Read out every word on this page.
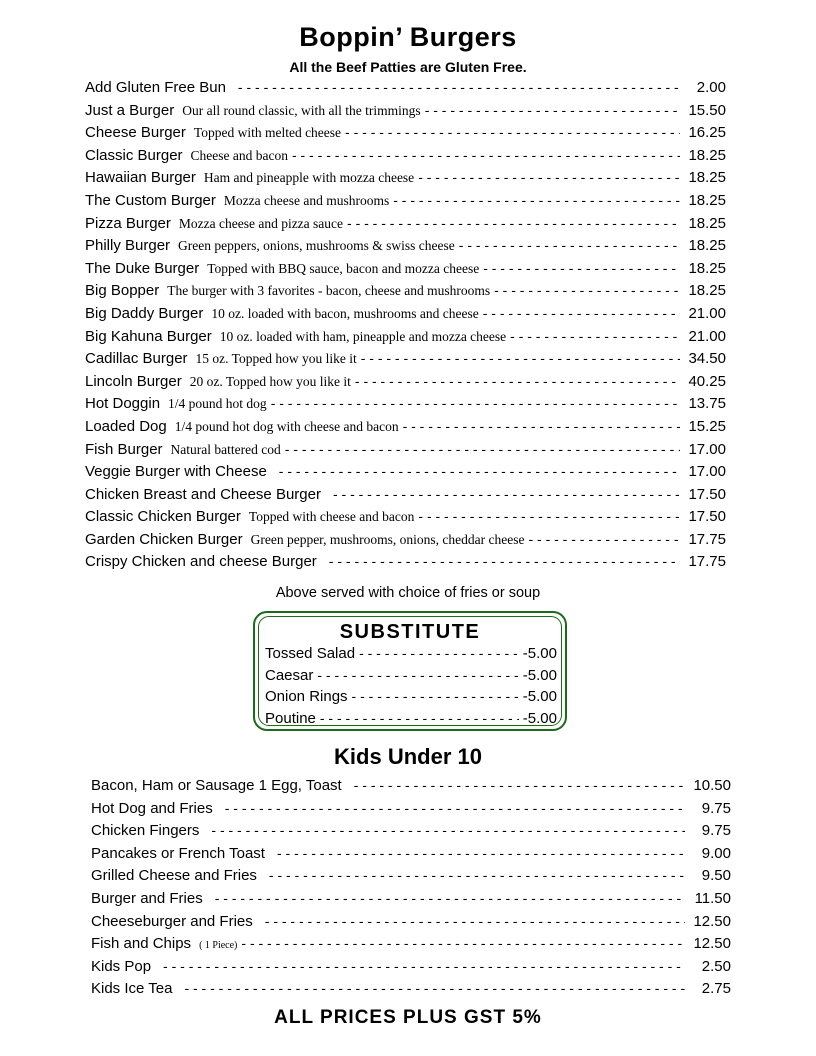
Boppin’ Burgers
All the Beef Patties are Gluten Free.
Add Gluten Free Bun - - -	2.00
Just a Burger Our all round classic, with all the trimmings - - -	15.50
Cheese Burger Topped with melted cheese - - -	16.25
Classic Burger Cheese and bacon - - -	18.25
Hawaiian Burger Ham and pineapple with mozza cheese - - -	18.25
The Custom Burger Mozza cheese and mushrooms - - -	18.25
Pizza Burger Mozza cheese and pizza sauce - - -	18.25
Philly Burger Green peppers, onions, mushrooms & swiss cheese - - -	18.25
The Duke Burger Topped with BBQ sauce, bacon and mozza cheese - - -	18.25
Big Bopper The burger with 3 favorites - bacon, cheese and mushrooms - - -	18.25
Big Daddy Burger 10 oz. loaded with bacon, mushrooms and cheese - - -	21.00
Big Kahuna Burger 10 oz. loaded with ham, pineapple and mozza cheese - - -	21.00
Cadillac Burger 15 oz. Topped how you like it - - -	34.50
Lincoln Burger 20 oz. Topped how you like it - - -	40.25
Hot Doggin 1/4 pound hot dog - - -	13.75
Loaded Dog 1/4 pound hot dog with cheese and bacon - - -	15.25
Fish Burger Natural battered cod - - -	17.00
Veggie Burger with Cheese - - -	17.00
Chicken Breast and Cheese Burger - - -	17.50
Classic Chicken Burger Topped with cheese and bacon - - -	17.50
Garden Chicken Burger Green pepper, mushrooms, onions, cheddar cheese - - -	17.75
Crispy Chicken and cheese Burger - - -	17.75
Above served with choice of fries or soup
SUBSTITUTE
Tossed Salad - - -	-5.00
Caesar - - -	-5.00
Onion Rings - - -	-5.00
Poutine - - -	-5.00
Kids Under 10
Bacon, Ham or Sausage 1 Egg, Toast - - -	10.50
Hot Dog and Fries - - -	9.75
Chicken Fingers - - -	9.75
Pancakes or French Toast - - -	9.00
Grilled Cheese and Fries - - -	9.50
Burger and Fries - - -	11.50
Cheeseburger and Fries - - -	12.50
Fish and Chips ( 1 Piece) - - -	12.50
Kids Pop - - -	2.50
Kids Ice Tea - - -	2.75
ALL PRICES PLUS GST 5%
